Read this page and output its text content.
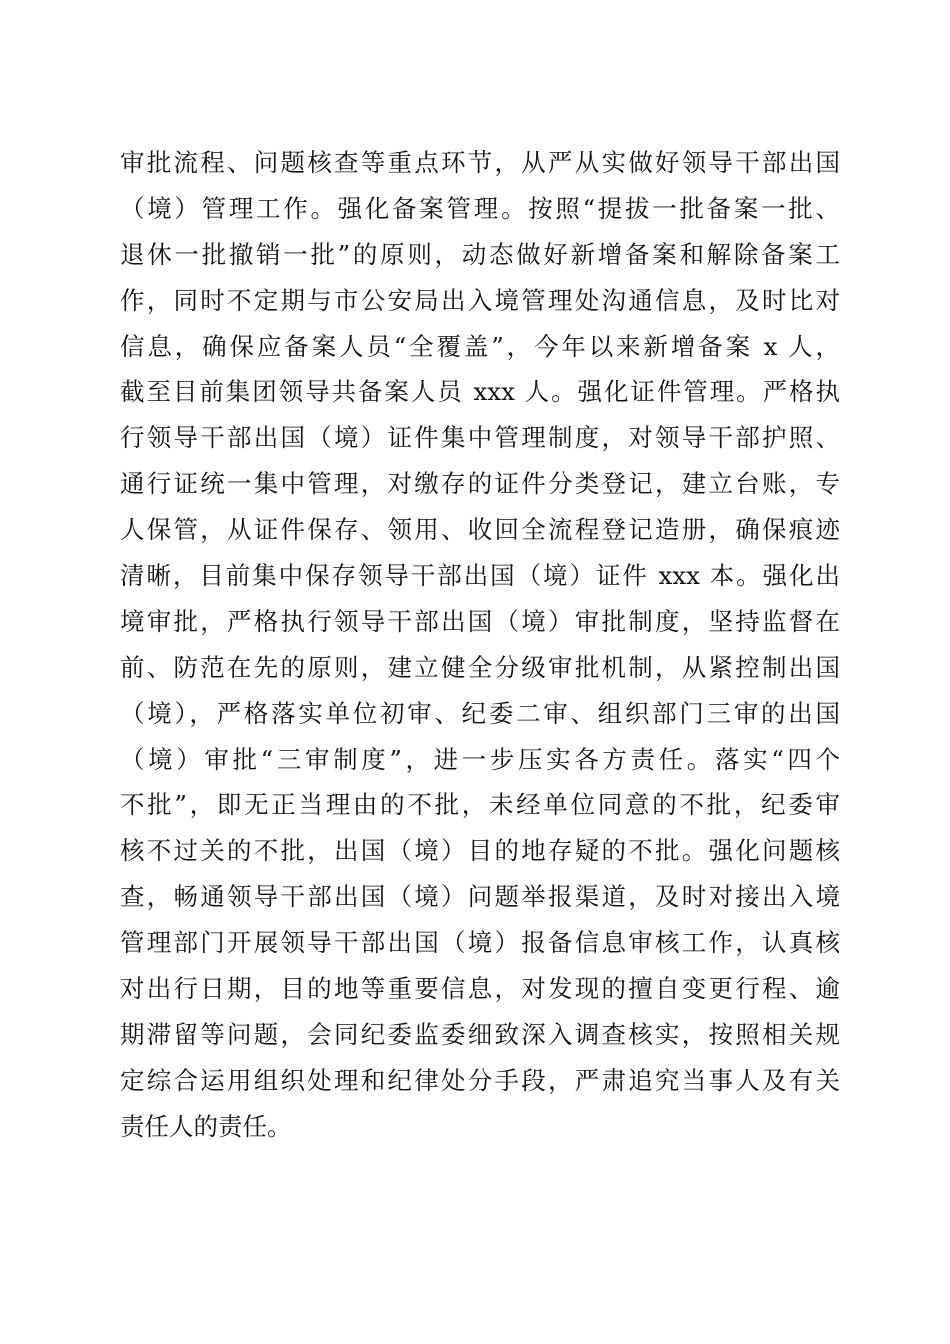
审批流程、问题核查等重点环节，从严从实做好领导干部出国
（境）管理工作。强化备案管理。按照“提拔一批备案一批、
退休一批撤销一批”的原则，动态做好新增备案和解除备案工
作，同时不定期与市公安局出入境管理处沟通信息，及时比对
信息，确保应备案人员“全覆盖”，今年以来新增备案 x 人，
截至目前集团领导共备案人员 xxx 人。强化证件管理。严格执
行领导干部出国（境）证件集中管理制度，对领导干部护照、
通行证统一集中管理，对缴存的证件分类登记，建立台账，专
人保管，从证件保存、领用、收回全流程登记造册，确保痕迹
清晰，目前集中保存领导干部出国（境）证件 xxx 本。强化出
境审批，严格执行领导干部出国（境）审批制度，坚持监督在
前、防范在先的原则，建立健全分级审批机制，从紧控制出国
（境），严格落实单位初审、纪委二审、组织部门三审的出国
（境）审批“三审制度”，进一步压实各方责任。落实“四个
不批”，即无正当理由的不批，未经单位同意的不批，纪委审
核不过关的不批，出国（境）目的地存疑的不批。强化问题核
查，畅通领导干部出国（境）问题举报渠道，及时对接出入境
管理部门开展领导干部出国（境）报备信息审核工作，认真核
对出行日期，目的地等重要信息，对发现的擅自变更行程、逾
期滞留等问题，会同纪委监委细致深入调查核实，按照相关规
定综合运用组织处理和纪律处分手段，严肃追究当事人及有关
责任人的责任。
